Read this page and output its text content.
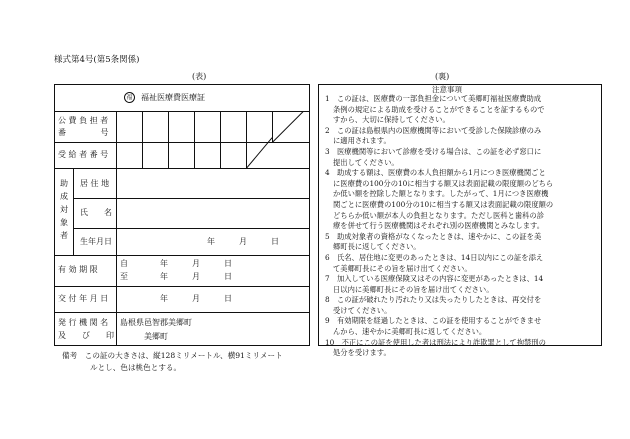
様式第4号(第5条関係)
(表)	(裏)
福	福祉医療費医療証
公 費 負 担 者
番　　　　 号
受 給 者 番 号
助
成
対
象
者
居 住 地
氏　　名
生年月日	年　　　月　　　日
有 効 期 限
自	年　　　月　　　日
至	年　　　月　　　日
交 付 年 月 日	年　　　月　　　日
発 行 機 関 名
及　　び　　印
島根県邑智郡美郷町
美郷町
備考　この証の大きさは、縦128ミリメートル、横91ミリメート
ルとし、色は桃色とする。
注意事項
1　この証は、医療費の一部負担金について美郷町福祉医療費助成
条例の規定による助成を受けることができることを証するもので
すから、大切に保持してください。
2　この証は島根県内の医療機関等において受診した保険診療のみ
に適用されます。
3　医療機関等において診療を受ける場合は、この証を必ず窓口に
提出してください。
4　助成する額は、医療費の本人負担額から1月につき医療機関ごと
に医療費の100分の10に相当する額又は表面記載の限度額のどちら
か低い額を控除した額となります。したがって、1月につき医療機
関ごとに医療費の100分の10に相当する額又は表面記載の限度額の
どちらか低い額が本人の負担となります。ただし医科と歯科の診
療を併せて行う医療機関はそれぞれ別の医療機関とみなします。
5　助成対象者の資格がなくなったときは、速やかに、この証を美
郷町長に返してください。
6　氏名、居住地に変更のあったときは、14日以内にこの証を添え
て美郷町長にその旨を届け出てください。
7　加入している医療保険又はその内容に変更があったときは、14
日以内に美郷町長にその旨を届け出てください。
8　この証が破れたり汚れたり又は失ったりしたときは、再交付を
受けてください。
9　有効期限を経過したときは、この証を使用することができませ
んから、速やかに美郷町長に返してください。
10　不正にこの証を使用した者は刑法により詐欺罪として拘禁刑の
処分を受けます。
